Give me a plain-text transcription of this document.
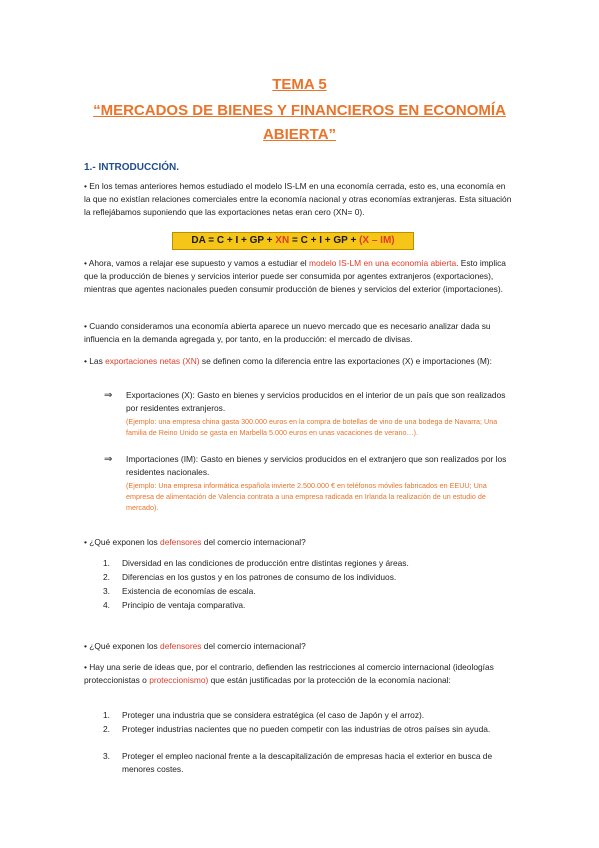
TEMA 5
“MERCADOS DE BIENES Y FINANCIEROS EN ECONOMÍA
ABIERTA”
1.- INTRODUCCIÓN.
• En los temas anteriores hemos estudiado el modelo IS-LM en una economía cerrada, esto es, una economía en la que no existían relaciones comerciales entre la economía nacional y otras economías extranjeras. Esta situación la reflejábamos suponiendo que las exportaciones netas eran cero (XN= 0).
DA = C + I + GP + XN = C + I + GP + (X – IM)
• Ahora, vamos a relajar ese supuesto y vamos a estudiar el modelo IS-LM en una economía abierta. Esto implica que la producción de bienes y servicios interior puede ser consumida por agentes extranjeros (exportaciones), mientras que agentes nacionales pueden consumir producción de bienes y servicios del exterior (importaciones).
• Cuando consideramos una economía abierta aparece un nuevo mercado que es necesario analizar dada su influencia en la demanda agregada y, por tanto, en la producción: el mercado de divisas.
• Las exportaciones netas (XN) se definen como la diferencia entre las exportaciones (X) e importaciones (M):
⇒ Exportaciones (X): Gasto en bienes y servicios producidos en el interior de un país que son realizados por residentes extranjeros.
(Ejemplo: una empresa china gasta 300.000 euros en la compra de botellas de vino de una bodega de Navarra; Una familia de Reino Unido se gasta en Marbella 5.000 euros en unas vacaciones de verano…).
⇒ Importaciones (IM): Gasto en bienes y servicios producidos en el extranjero que son realizados por los residentes nacionales.
(Ejemplo: Una empresa informática española invierte 2.500.000 € en teléfonos móviles fabricados en EEUU; Una empresa de alimentación de Valencia contrata a una empresa radicada en Irlanda la realización de un estudio de mercado).
• ¿Qué exponen los defensores del comercio internacional?
1. Diversidad en las condiciones de producción entre distintas regiones y áreas.
2. Diferencias en los gustos y en los patrones de consumo de los individuos.
3. Existencia de economías de escala.
4. Principio de ventaja comparativa.
• ¿Qué exponen los defensores del comercio internacional?
• Hay una serie de ideas que, por el contrario, defienden las restricciones al comercio internacional (ideologías proteccionistas o proteccionismo) que están justificadas por la protección de la economía nacional:
1. Proteger una industria que se considera estratégica (el caso de Japón y el arroz).
2. Proteger industrias nacientes que no pueden competir con las industrias de otros países sin ayuda.
3. Proteger el empleo nacional frente a la descapitalización de empresas hacia el exterior en busca de menores costes.
